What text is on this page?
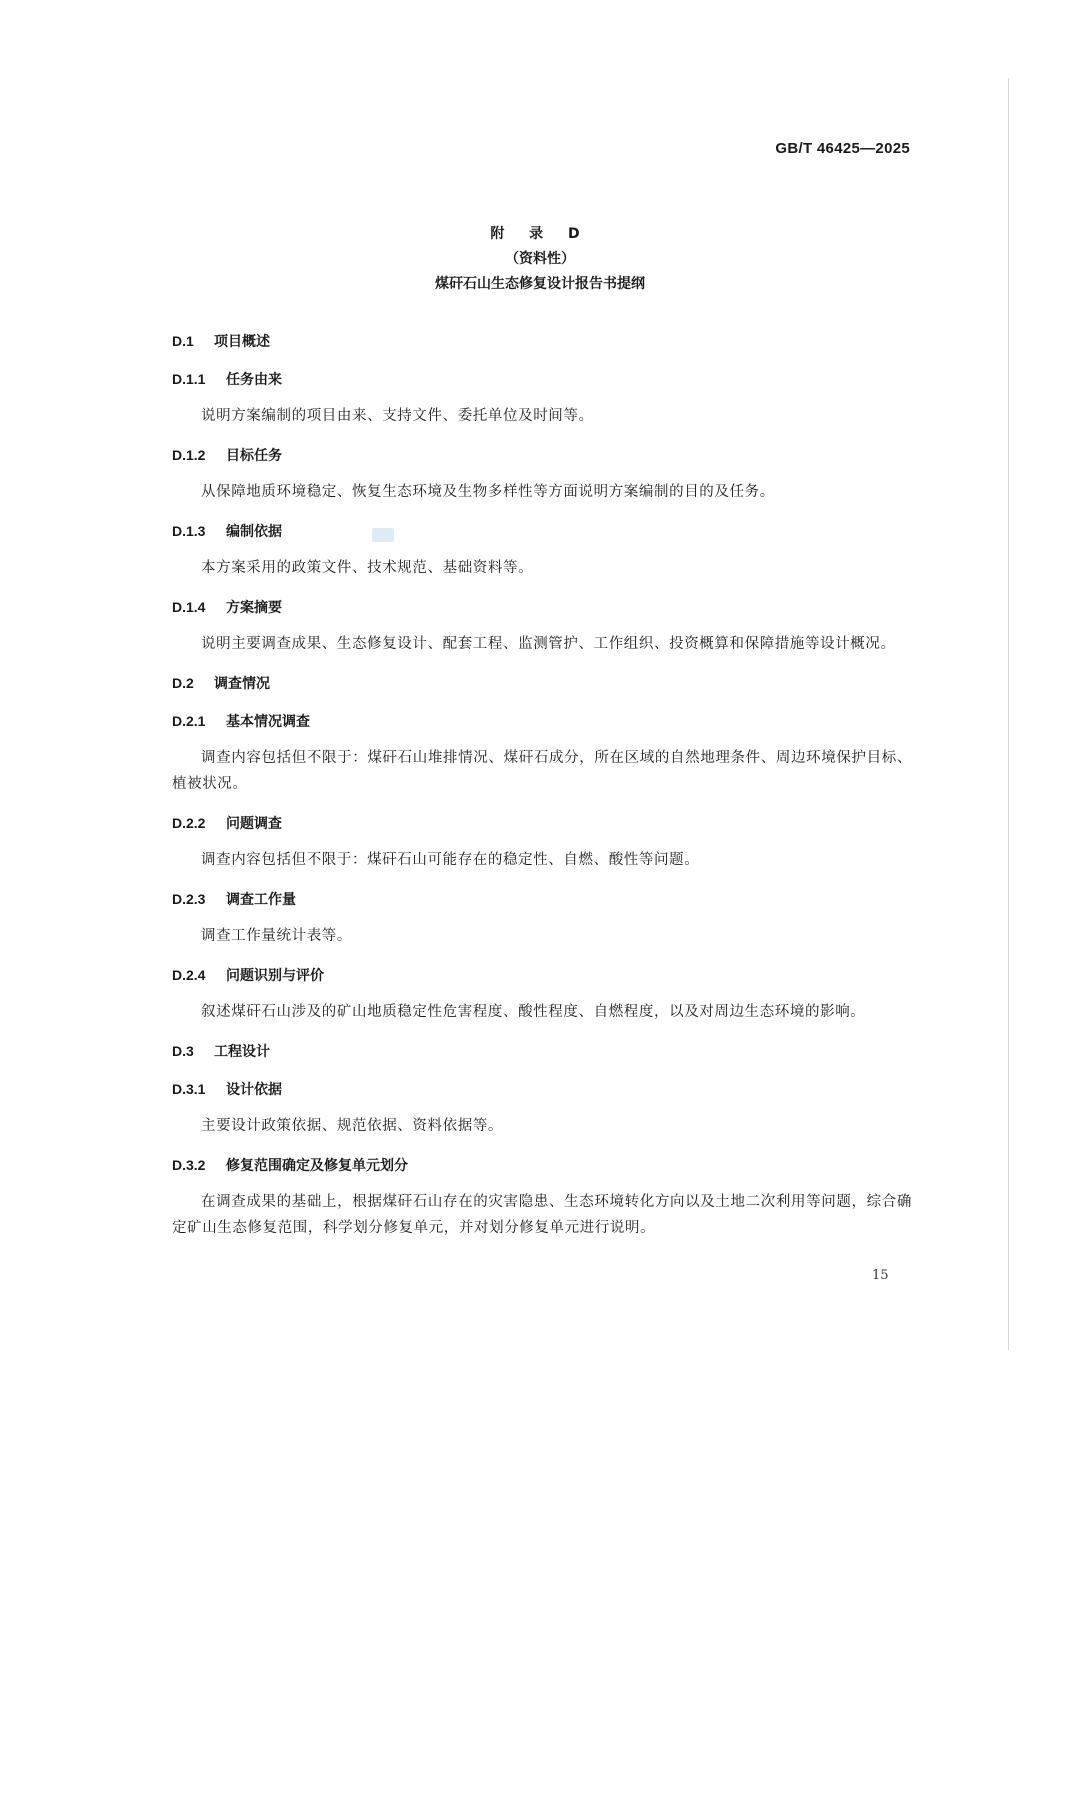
GB/T 46425—2025
附 录 D
（资料性）
煤矸石山生态修复设计报告书提纲
D.1 项目概述
D.1.1 任务由来
说明方案编制的项目由来、支持文件、委托单位及时间等。
D.1.2 目标任务
从保障地质环境稳定、恢复生态环境及生物多样性等方面说明方案编制的目的及任务。
D.1.3 编制依据
本方案采用的政策文件、技术规范、基础资料等。
D.1.4 方案摘要
说明主要调查成果、生态修复设计、配套工程、监测管护、工作组织、投资概算和保障措施等设计概况。
D.2 调查情况
D.2.1 基本情况调查
调查内容包括但不限于：煤矸石山堆排情况、煤矸石成分，所在区域的自然地理条件、周边环境保护目标、植被状况。
D.2.2 问题调查
调查内容包括但不限于：煤矸石山可能存在的稳定性、自燃、酸性等问题。
D.2.3 调查工作量
调查工作量统计表等。
D.2.4 问题识别与评价
叙述煤矸石山涉及的矿山地质稳定性危害程度、酸性程度、自燃程度，以及对周边生态环境的影响。
D.3 工程设计
D.3.1 设计依据
主要设计政策依据、规范依据、资料依据等。
D.3.2 修复范围确定及修复单元划分
在调查成果的基础上，根据煤矸石山存在的灾害隐患、生态环境转化方向以及土地二次利用等问题，综合确定矿山生态修复范围，科学划分修复单元，并对划分修复单元进行说明。
15
